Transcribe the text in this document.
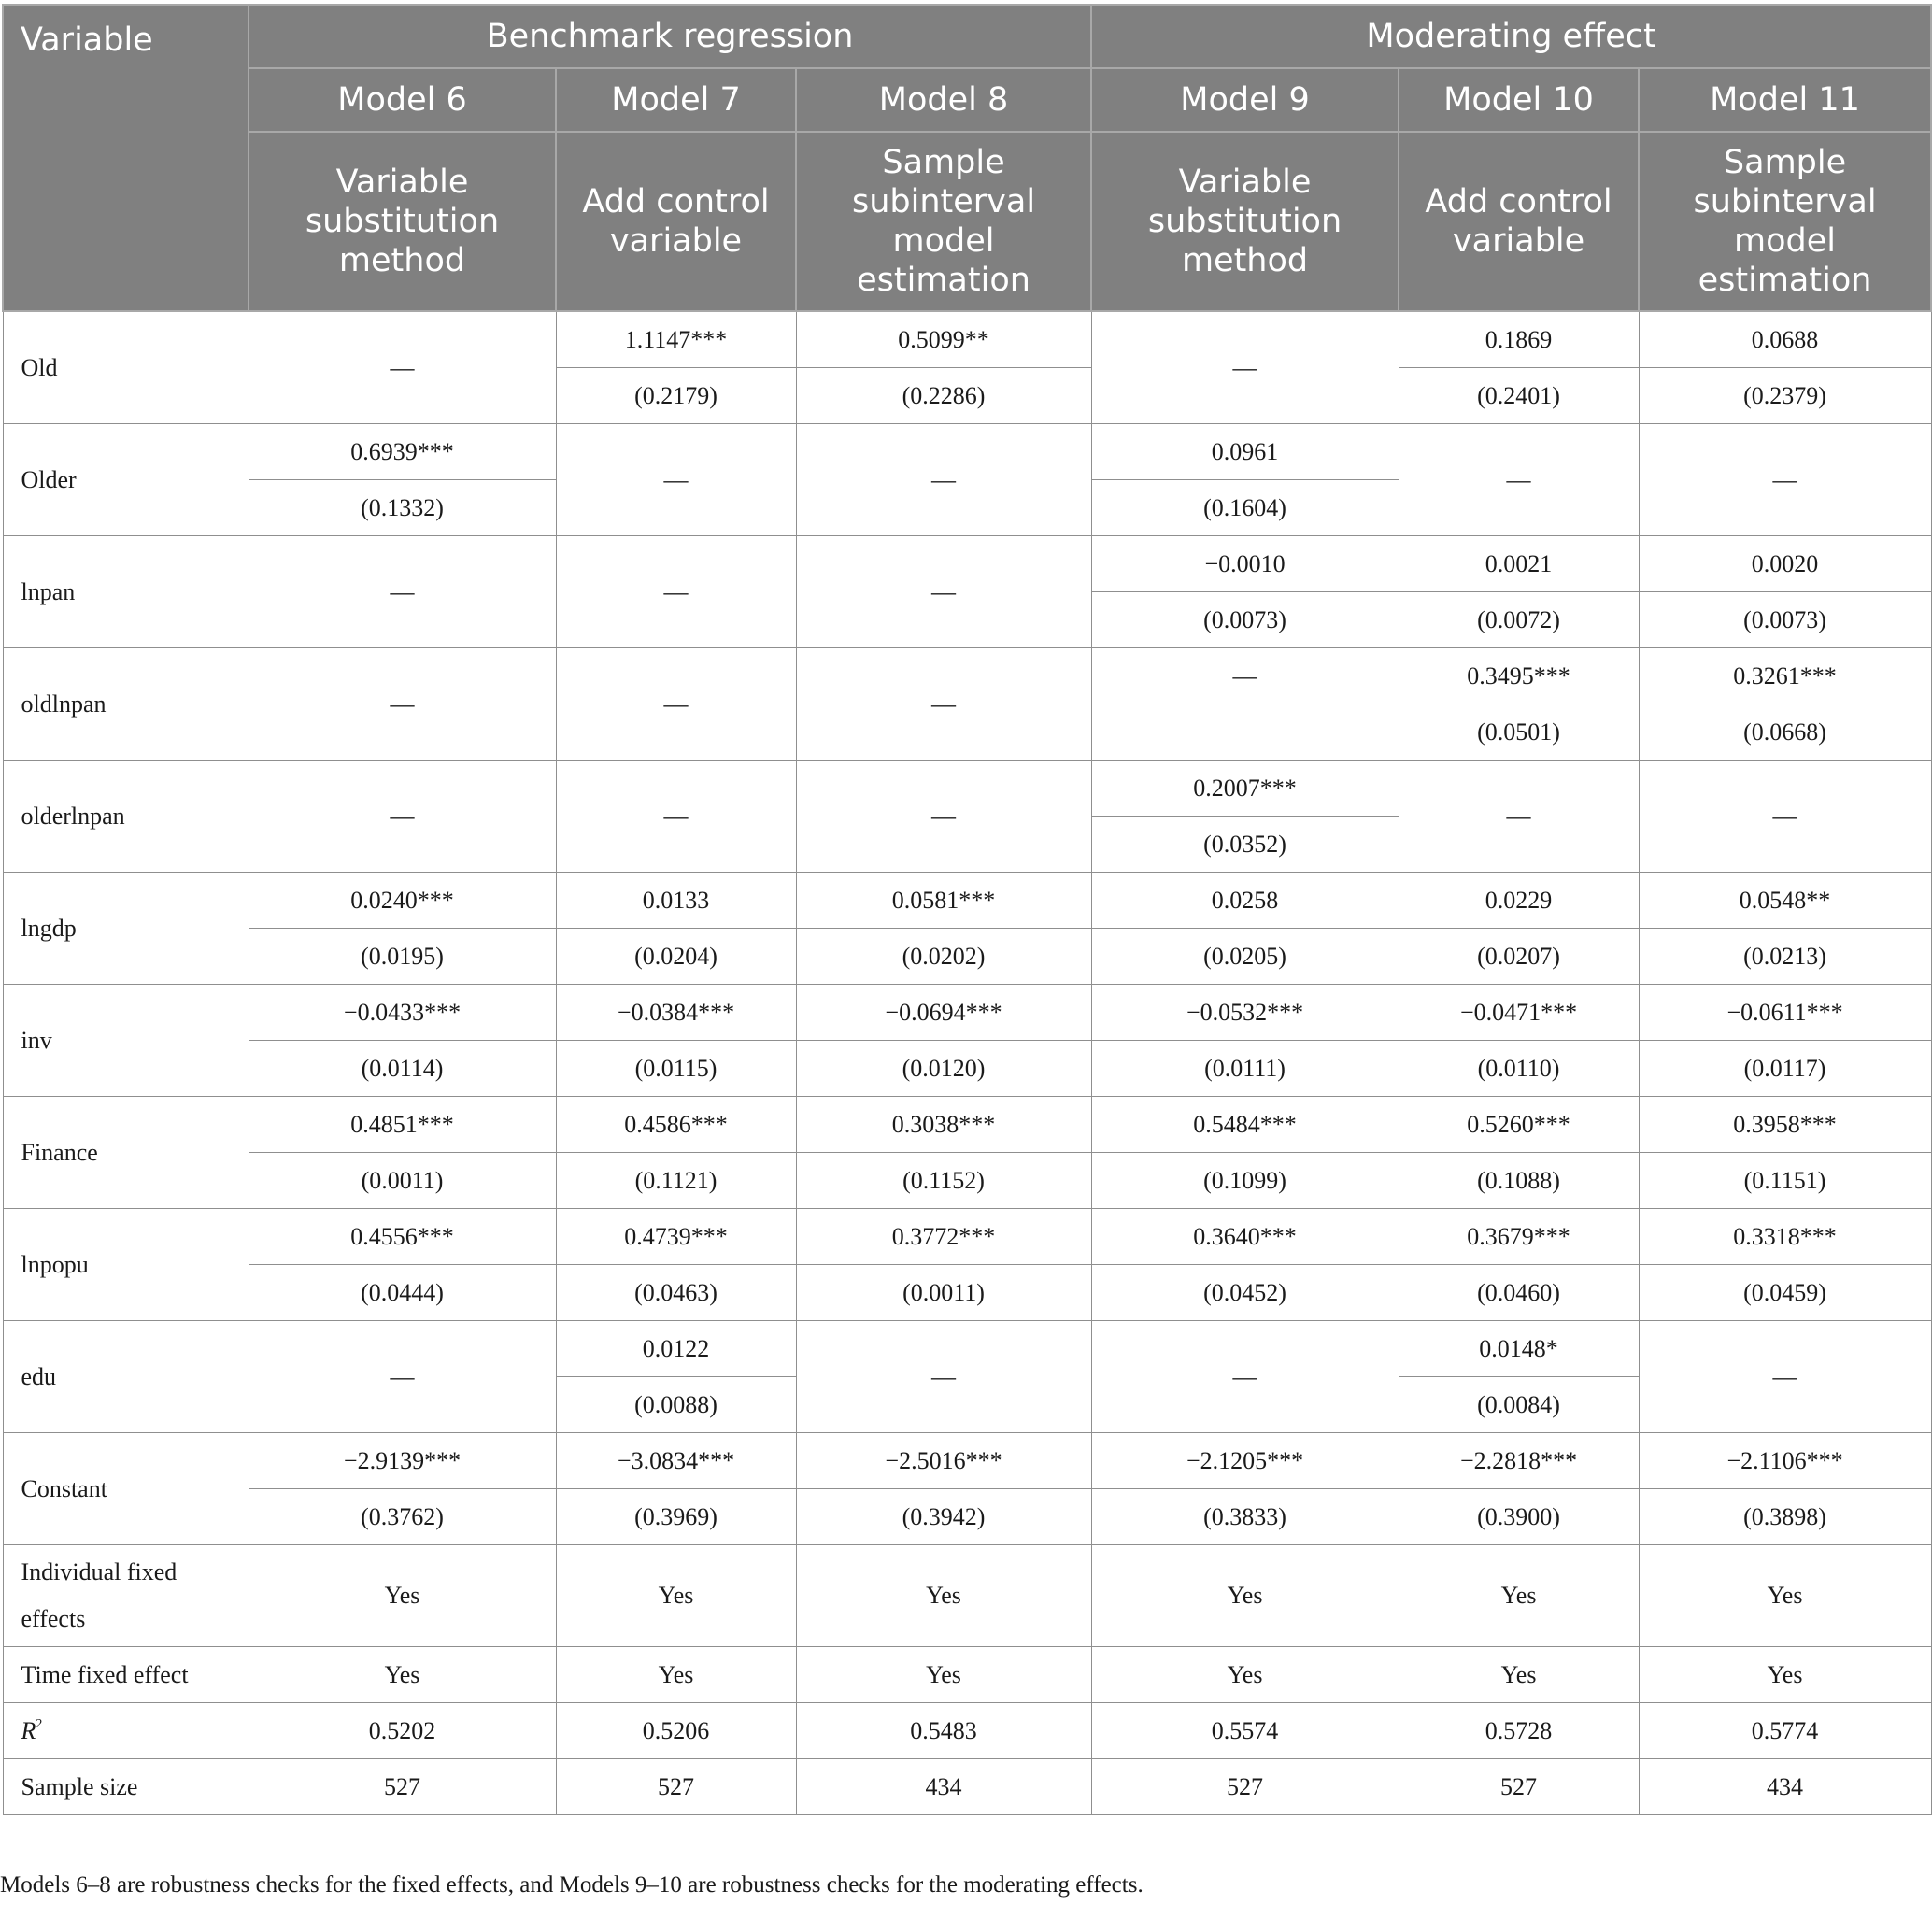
Variable	Benchmark regression			Moderating effect		
	Model 6	Model 7	Model 8	Model 9	Model 10	Model 11
	Variable substitution method	Add control variable	Sample subinterval model estimation	Variable substitution method	Add control variable	Sample subinterval model estimation
Old	—	1.1147***	0.5099**	—	0.1869	0.0688
		(0.2179)	(0.2286)		(0.2401)	(0.2379)
Older	0.6939***	—	—	0.0961	—	—
	(0.1332)			(0.1604)		
lnpan	—	—	—	−0.0010	0.0021	0.0020
				(0.0073)	(0.0072)	(0.0073)
oldlnpan	—	—	—	—	0.3495***	0.3261***
					(0.0501)	(0.0668)
olderlnpan	—	—	—	0.2007***	—	—
				(0.0352)		
lngdp	0.0240***	0.0133	0.0581***	0.0258	0.0229	0.0548**
	(0.0195)	(0.0204)	(0.0202)	(0.0205)	(0.0207)	(0.0213)
inv	−0.0433***	−0.0384***	−0.0694***	−0.0532***	−0.0471***	−0.0611***
	(0.0114)	(0.0115)	(0.0120)	(0.0111)	(0.0110)	(0.0117)
Finance	0.4851***	0.4586***	0.3038***	0.5484***	0.5260***	0.3958***
	(0.0011)	(0.1121)	(0.1152)	(0.1099)	(0.1088)	(0.1151)
lnpopu	0.4556***	0.4739***	0.3772***	0.3640***	0.3679***	0.3318***
	(0.0444)	(0.0463)	(0.0011)	(0.0452)	(0.0460)	(0.0459)
edu	—	0.0122	—	—	0.0148*	—
		(0.0088)			(0.0084)	
Constant	−2.9139***	−3.0834***	−2.5016***	−2.1205***	−2.2818***	−2.1106***
	(0.3762)	(0.3969)	(0.3942)	(0.3833)	(0.3900)	(0.3898)
Individual fixed effects	Yes	Yes	Yes	Yes	Yes	Yes
Time fixed effect	Yes	Yes	Yes	Yes	Yes	Yes
$R^2$	0.5202	0.5206	0.5483	0.5574	0.5728	0.5774
Sample size	527	527	434	527	527	434
Models 6–8 are robustness checks for the fixed effects, and Models 9–10 are robustness checks for the moderating effects.
